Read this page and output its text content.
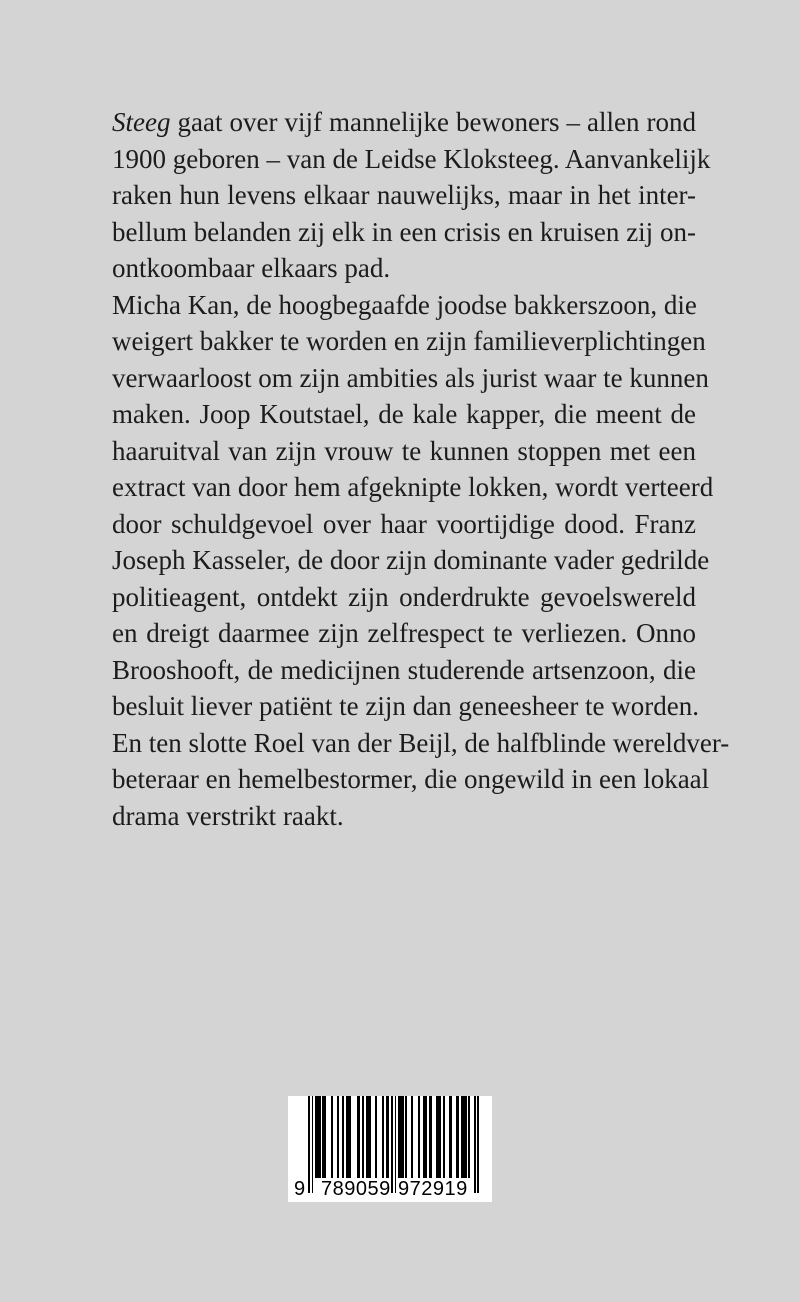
Steeg gaat over vijf mannelijke bewoners – allen rond
1900 geboren – van de Leidse Kloksteeg. Aanvankelijk
raken hun levens elkaar nauwelijks, maar in het inter-
bellum belanden zij elk in een crisis en kruisen zij on-
ontkoombaar elkaars pad.
Micha Kan, de hoogbegaafde joodse bakkerszoon, die
weigert bakker te worden en zijn familieverplichtingen
verwaarloost om zijn ambities als jurist waar te kunnen
maken. Joop Koutstael, de kale kapper, die meent de
haaruitval van zijn vrouw te kunnen stoppen met een
extract van door hem afgeknipte lokken, wordt verteerd
door schuldgevoel over haar voortijdige dood. Franz
Joseph Kasseler, de door zijn dominante vader gedrilde
politieagent, ontdekt zijn onderdrukte gevoelswereld
en dreigt daarmee zijn zelfrespect te verliezen. Onno
Brooshooft, de medicijnen studerende artsenzoon, die
besluit liever patiënt te zijn dan geneesheer te worden.
En ten slotte Roel van der Beijl, de halfblinde wereldver-
beteraar en hemelbestormer, die ongewild in een lokaal
drama verstrikt raakt.
9 789059 972919
